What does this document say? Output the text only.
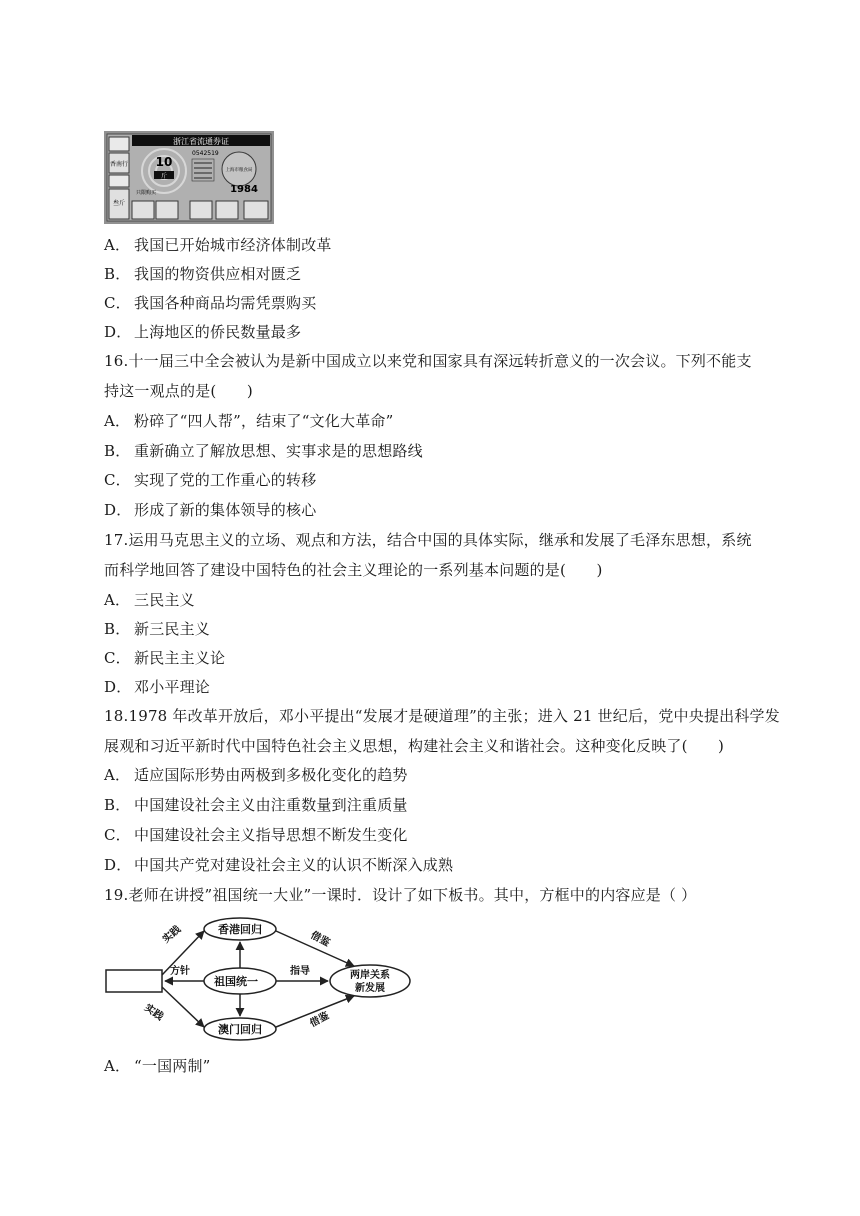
香南行
叁斤
浙江省流通券证
10
斤
0542519
上海市粮食局
只限购买	1984
A． 我国已开始城市经济体制改革
B． 我国的物资供应相对匮乏
C． 我国各种商品均需凭票购买
D． 上海地区的侨民数量最多
16.十一届三中全会被认为是新中国成立以来党和国家具有深远转折意义的一次会议。下列不能支
持这一观点的是(　　)
A． 粉碎了“四人帮”，结束了“文化大革命”
B． 重新确立了解放思想、实事求是的思想路线
C． 实现了党的工作重心的转移
D． 形成了新的集体领导的核心
17.运用马克思主义的立场、观点和方法，结合中国的具体实际，继承和发展了毛泽东思想，系统
而科学地回答了建设中国特色的社会主义理论的一系列基本问题的是(　　)
A． 三民主义
B． 新三民主义
C． 新民主主义论
D． 邓小平理论
18.1978 年改革开放后，邓小平提出“发展才是硬道理”的主张；进入 21 世纪后，党中央提出科学发
展观和习近平新时代中国特色社会主义思想，构建社会主义和谐社会。这种变化反映了(　　)
A． 适应国际形势由两极到多极化变化的趋势
B． 中国建设社会主义由注重数量到注重质量
C． 中国建设社会主义指导思想不断发生变化
D． 中国共产党对建设社会主义的认识不断深入成熟
19.老师在讲授”祖国统一大业”一课时．设计了如下板书。其中，方框中的内容应是（ ）
香港回归
祖国统一
澳门回归
两岸关系
新发展
实践
实践
方针	指导
借鉴
借鉴
A． “一国两制”
